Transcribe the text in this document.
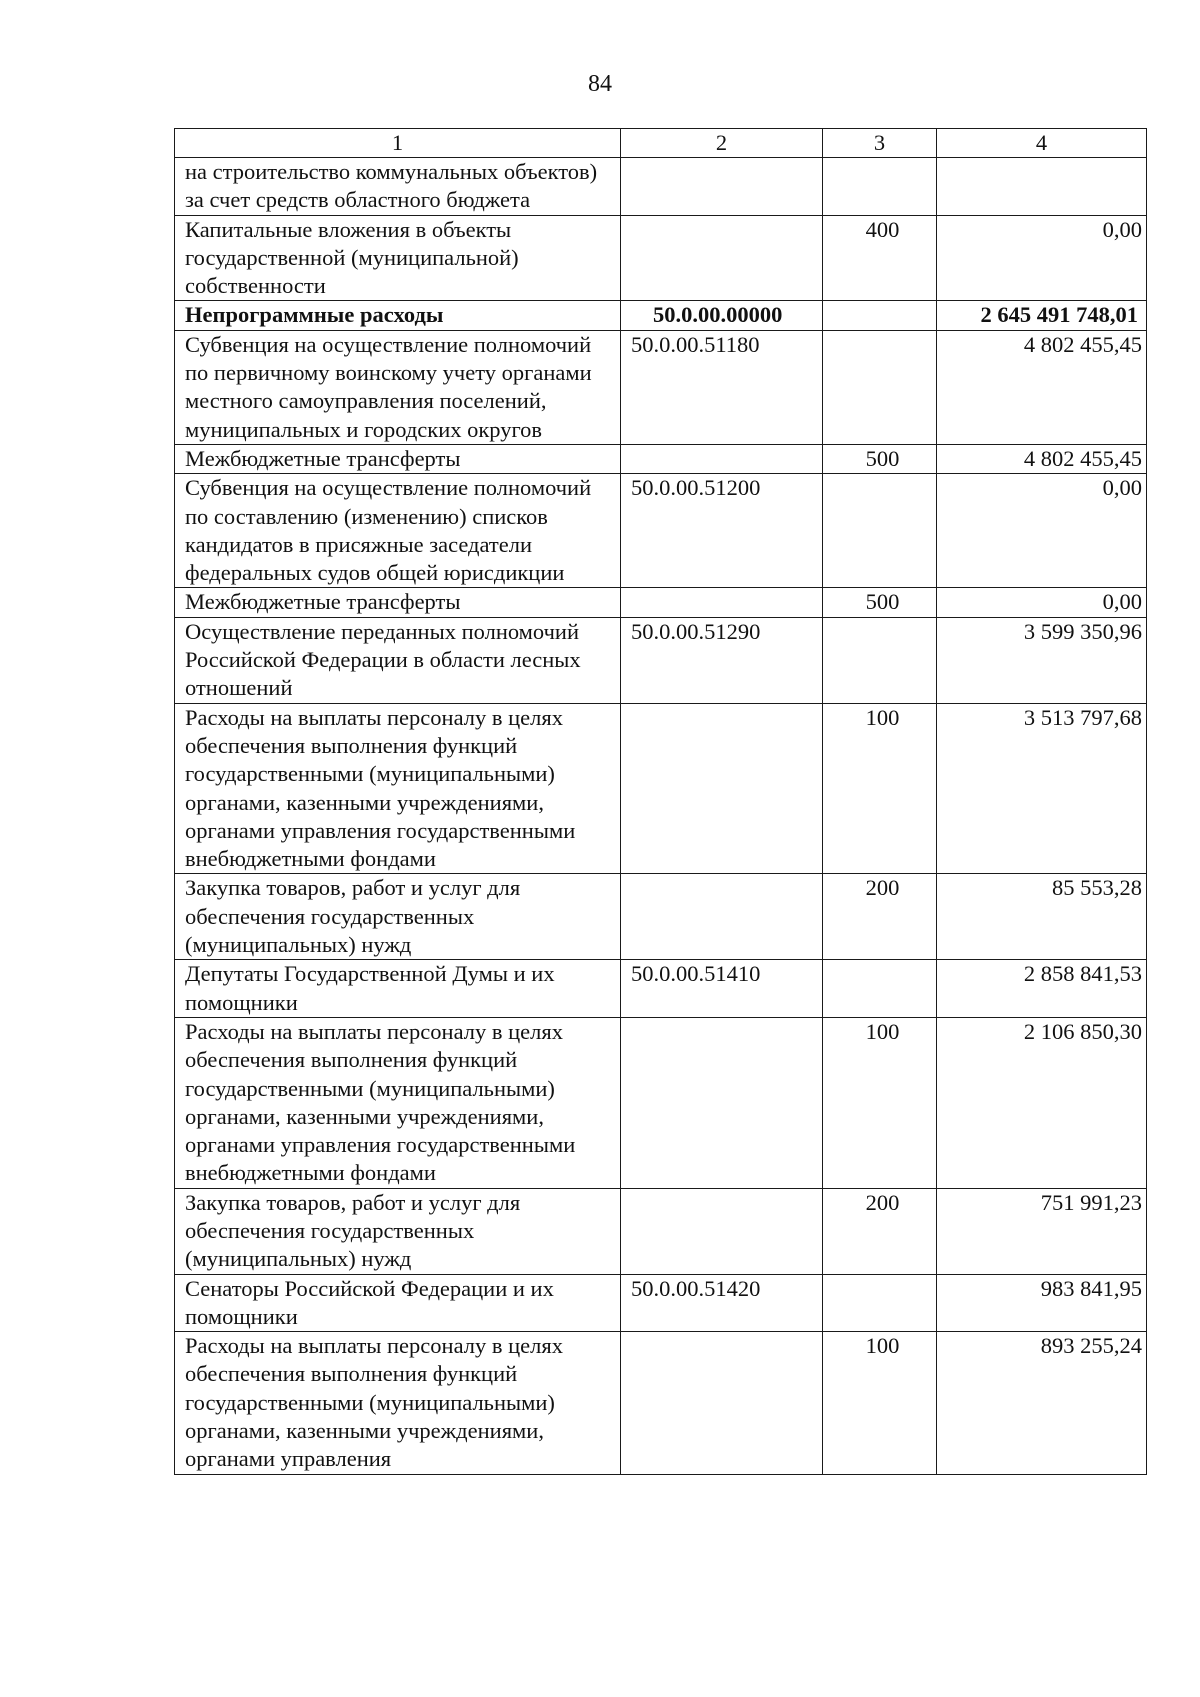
84
1	2	3	4
на строительство коммунальных объектов) за счет средств областного бюджета			
Капитальные вложения в объекты государственной (муниципальной) собственности		400	0,00
Непрограммные расходы	50.0.00.00000		2 645 491 748,01
Субвенция на осуществление полномочий по первичному воинскому учету органами местного самоуправления поселений, муниципальных и городских округов	50.0.00.51180		4 802 455,45
Межбюджетные трансферты		500	4 802 455,45
Субвенция на осуществление полномочий по составлению (изменению) списков кандидатов в присяжные заседатели федеральных судов общей юрисдикции	50.0.00.51200		0,00
Межбюджетные трансферты		500	0,00
Осуществление переданных полномочий Российской Федерации в области лесных отношений	50.0.00.51290		3 599 350,96
Расходы на выплаты персоналу в целях обеспечения выполнения функций государственными (муниципальными) органами, казенными учреждениями, органами управления государственными внебюджетными фондами		100	3 513 797,68
Закупка товаров, работ и услуг для обеспечения государственных (муниципальных) нужд		200	85 553,28
Депутаты Государственной Думы и их помощники	50.0.00.51410		2 858 841,53
Расходы на выплаты персоналу в целях обеспечения выполнения функций государственными (муниципальными) органами, казенными учреждениями, органами управления государственными внебюджетными фондами		100	2 106 850,30
Закупка товаров, работ и услуг для обеспечения государственных (муниципальных) нужд		200	751 991,23
Сенаторы Российской Федерации и их помощники	50.0.00.51420		983 841,95
Расходы на выплаты персоналу в целях обеспечения выполнения функций государственными (муниципальными) органами, казенными учреждениями, органами управления		100	893 255,24
